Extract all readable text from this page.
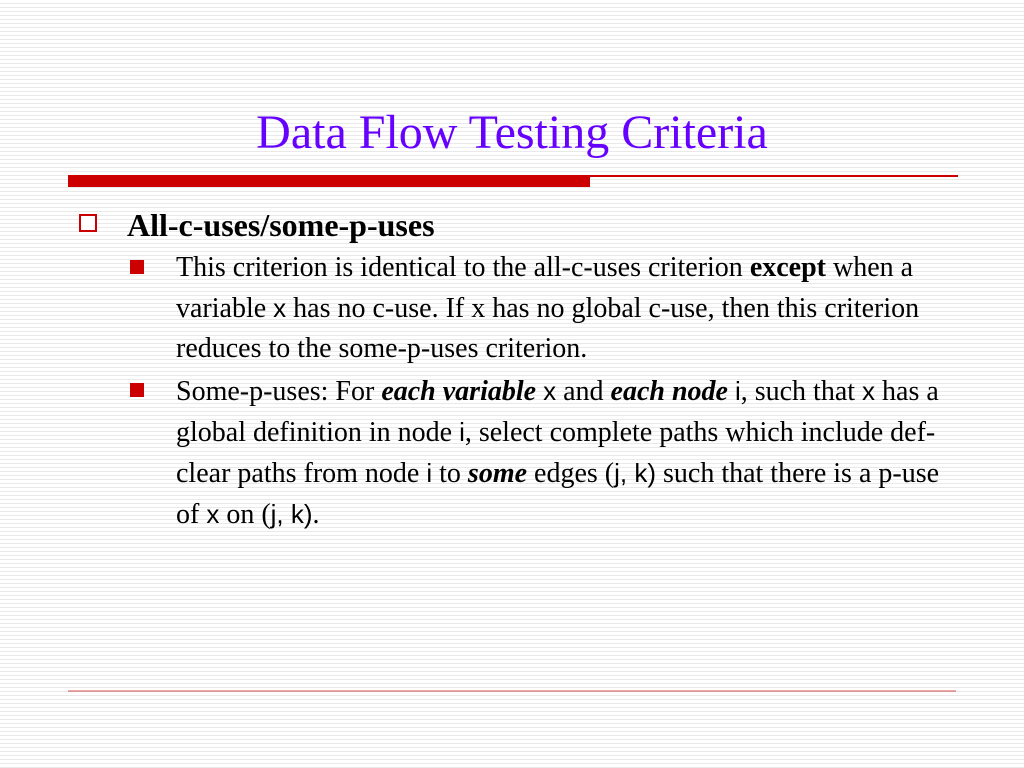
Data Flow Testing Criteria
All-c-uses/some-p-uses
This criterion is identical to the all-c-uses criterion except when a variable x has no c-use. If x has no global c-use, then this criterion reduces to the some-p-uses criterion.
Some-p-uses: For each variable x and each node i, such that x has a global definition in node i, select complete paths which include def-clear paths from node i to some edges (j, k) such that there is a p-use of x on (j, k).
